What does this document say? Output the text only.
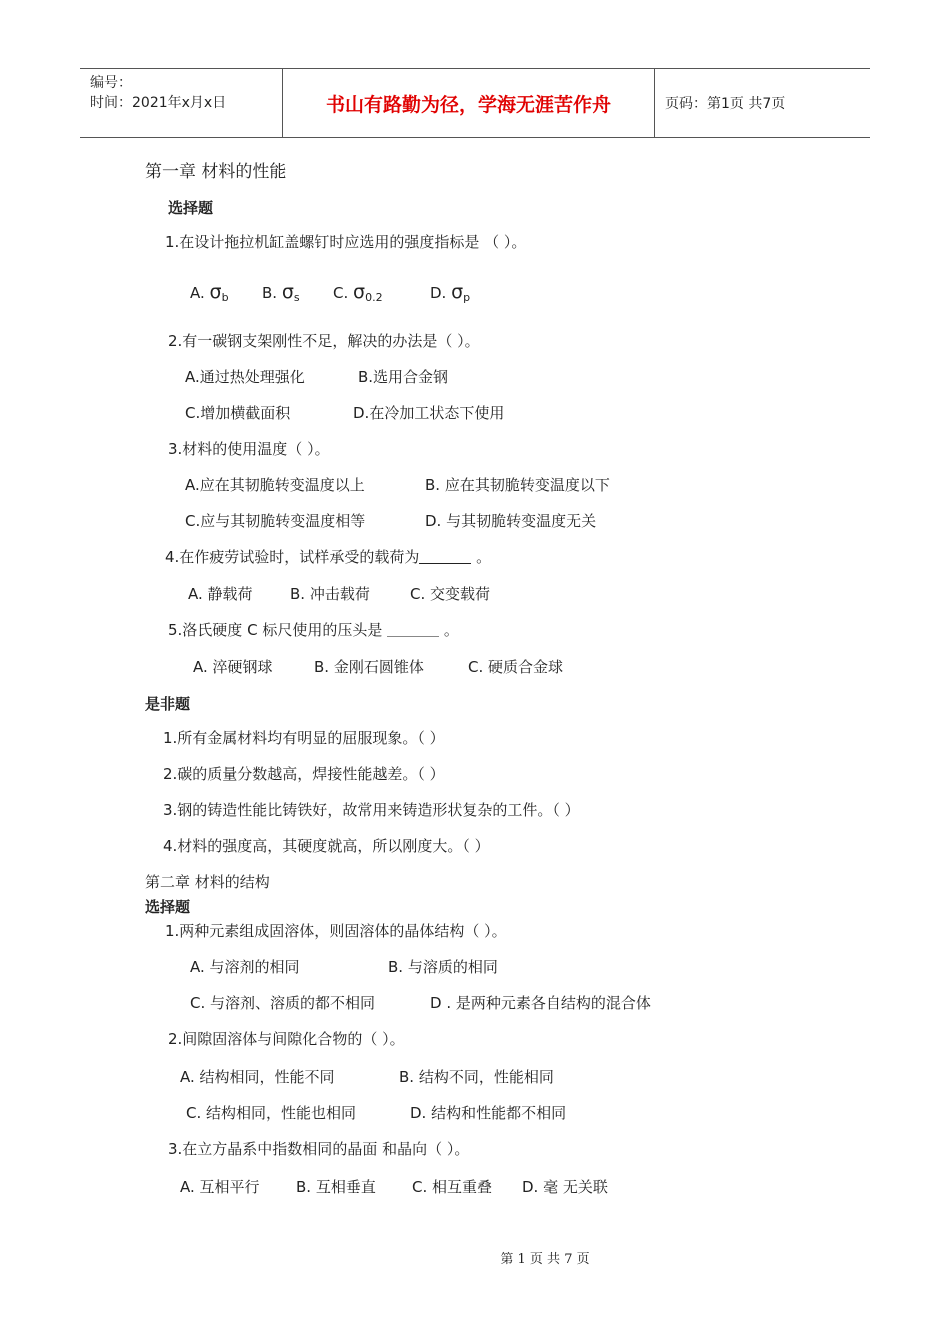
编号：
时间：2021年x月x日	书山有路勤为径，学海无涯苦作舟	页码：第1页 共7页
第一章 材料的性能
选择题
1.在设计拖拉机缸盖螺钉时应选用的强度指标是 （ ）。
A. $\sigma_b$ B. $\sigma_s$ C. $\sigma_{0.2}$	D. $\sigma_p$
2.有一碳钢支架刚性不足，解决的办法是（ ）。
A.通过热处理强化	B.选用合金钢
C.增加横截面积	D.在冷加工状态下使用
3.材料的使用温度（ ）。
A.应在其韧脆转变温度以上	B. 应在其韧脆转变温度以下
C.应与其韧脆转变温度相等	D. 与其韧脆转变温度无关
4.在作疲劳试验时，试样承受的载荷为	。
A. 静载荷 B. 冲击载荷	C. 交变载荷
5.洛氏硬度 C 标尺使用的压头是	。
A. 淬硬钢球	B. 金刚石圆锥体	C. 硬质合金球
是非题
1.所有金属材料均有明显的屈服现象。（ ）
2.碳的质量分数越高，焊接性能越差。（ ）
3.钢的铸造性能比铸铁好，故常用来铸造形状复杂的工件。（ ）
4.材料的强度高，其硬度就高，所以刚度大。（ ）
第二章 材料的结构
选择题
1.两种元素组成固溶体，则固溶体的晶体结构（ ）。
A. 与溶剂的相同	B. 与溶质的相同
C. 与溶剂、溶质的都不相同	D . 是两种元素各自结构的混合体
2.间隙固溶体与间隙化合物的（ ）。
A. 结构相同，性能不同	B. 结构不同，性能相同
C. 结构相同，性能也相同	D. 结构和性能都不相同
3.在立方晶系中指数相同的晶面 和晶向（ ）。
A. 互相平行 B. 互相垂直 C. 相互重叠 D. 毫 无关联
第 1 页 共 7 页
